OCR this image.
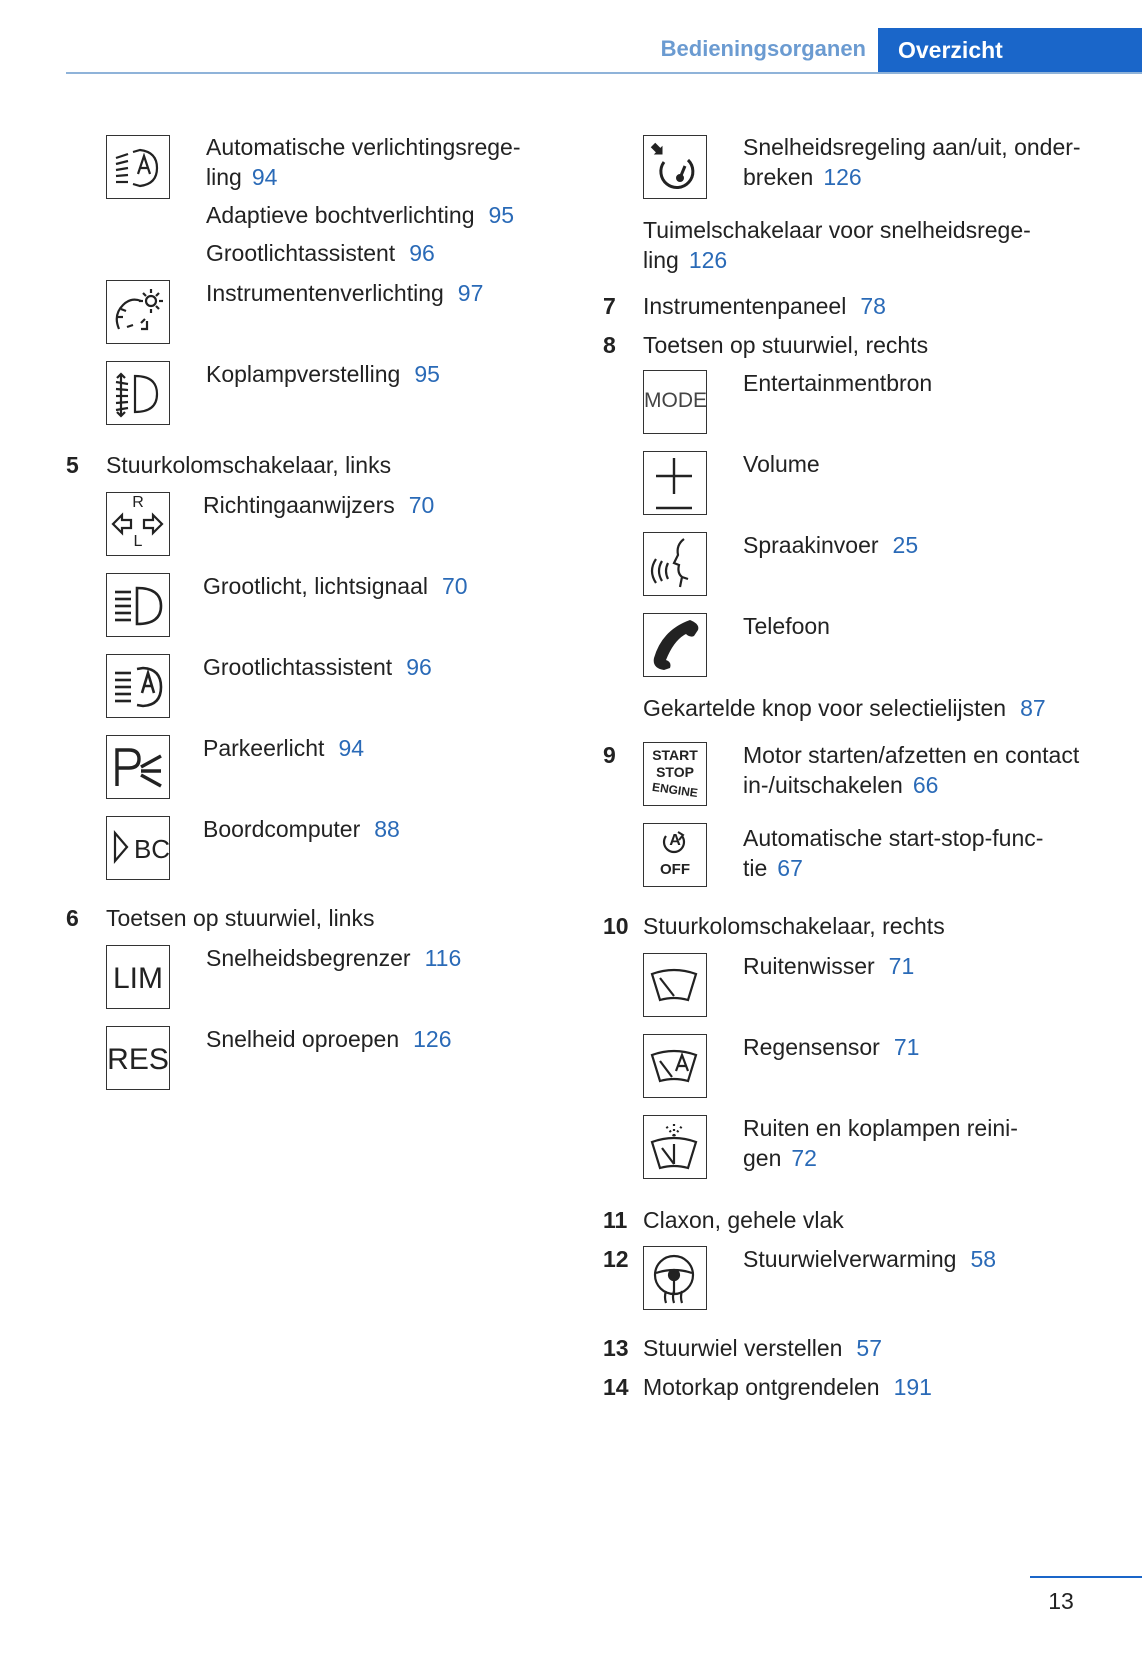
Bedieningsorganen Overzicht
Automatische verlichtingsrege-
ling 94
Adaptieve bochtverlichting 95
Grootlichtassistent 96
Instrumentenverlichting 97
Koplampverstelling 95
5 Stuurkolomschakelaar, links
R
L
Richtingaanwijzers 70
Grootlicht, lichtsignaal 70
Grootlichtassistent 96
Parkeerlicht 94
BC
Boordcomputer 88
6 Toetsen op stuurwiel, links
LIM
Snelheidsbegrenzer 116
RES
Snelheid oproepen 126
Snelheidsregeling aan/uit, onder-
breken 126
Tuimelschakelaar voor snelheidsrege-
ling 126
7 Instrumentenpaneel 78
8 Toetsen op stuurwiel, rechts
MODE
Entertainmentbron
Volume
Spraakinvoer 25
Telefoon
Gekartelde knop voor selectielijsten 87
9	START
STOP
ENGINE
Motor starten/afzetten en contact
in-/uitschakelen 66
A
OFF
Automatische start-stop-func-
tie 67
10 Stuurkolomschakelaar, rechts
Ruitenwisser 71
Regensensor 71
Ruiten en koplampen reini-
gen 72
11 Claxon, gehele vlak
12	Stuurwielverwarming 58
13 Stuurwiel verstellen 57
14 Motorkap ontgrendelen 191
13
